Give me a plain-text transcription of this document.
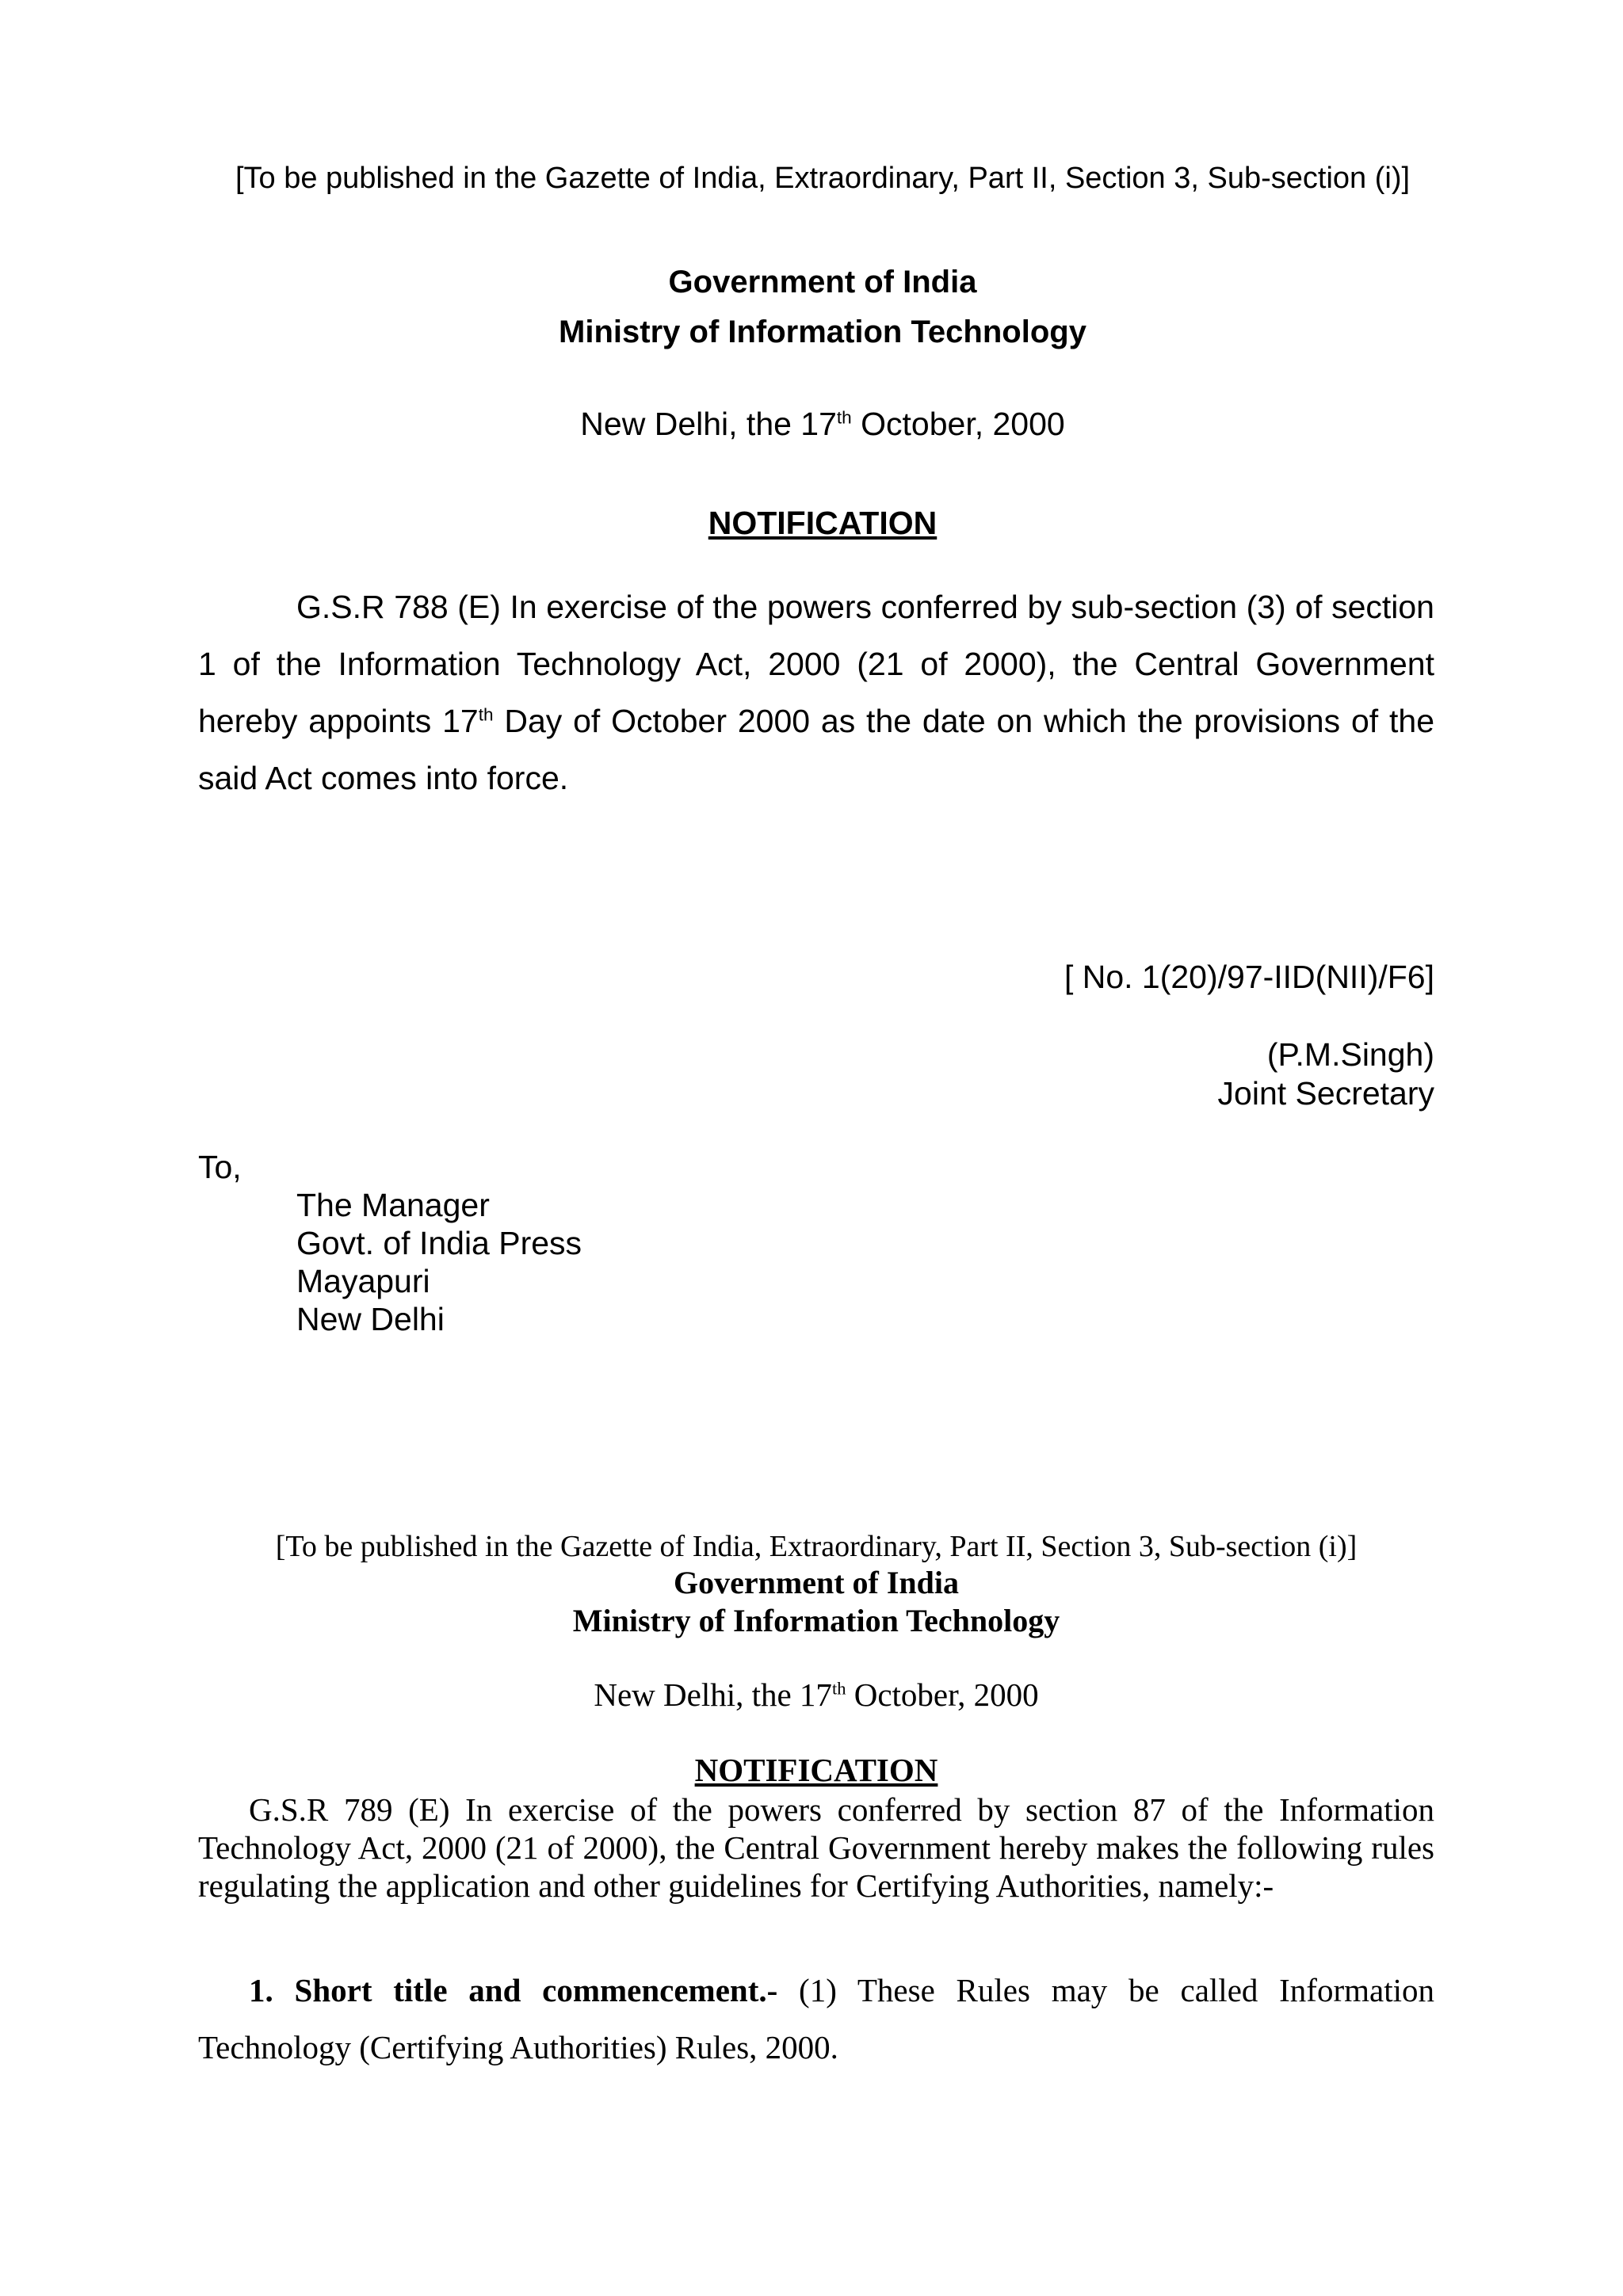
[To be published in the Gazette of India, Extraordinary, Part II, Section 3, Sub-section (i)]
Government of India
Ministry of Information Technology
New Delhi, the 17th October, 2000
NOTIFICATION
G.S.R 788 (E) In exercise of the powers conferred by sub-section (3) of section 1 of the Information Technology Act, 2000 (21 of 2000), the Central Government hereby appoints 17th Day of October 2000 as the date on which the provisions of the said Act comes into force.
[ No. 1(20)/97-IID(NII)/F6]
(P.M.Singh)
Joint Secretary
To,
The Manager
Govt. of India Press
Mayapuri
New Delhi
[To be published in the Gazette of India, Extraordinary, Part II, Section 3, Sub-section (i)]
Government of India
Ministry of Information Technology
New Delhi, the 17th October, 2000
NOTIFICATION
G.S.R 789 (E) In exercise of the powers conferred by section 87 of the Information Technology Act, 2000 (21 of 2000), the Central Government hereby makes the following rules regulating the application and other guidelines for Certifying Authorities, namely:-
1. Short title and commencement.- (1) These Rules may be called Information Technology (Certifying Authorities) Rules, 2000.
